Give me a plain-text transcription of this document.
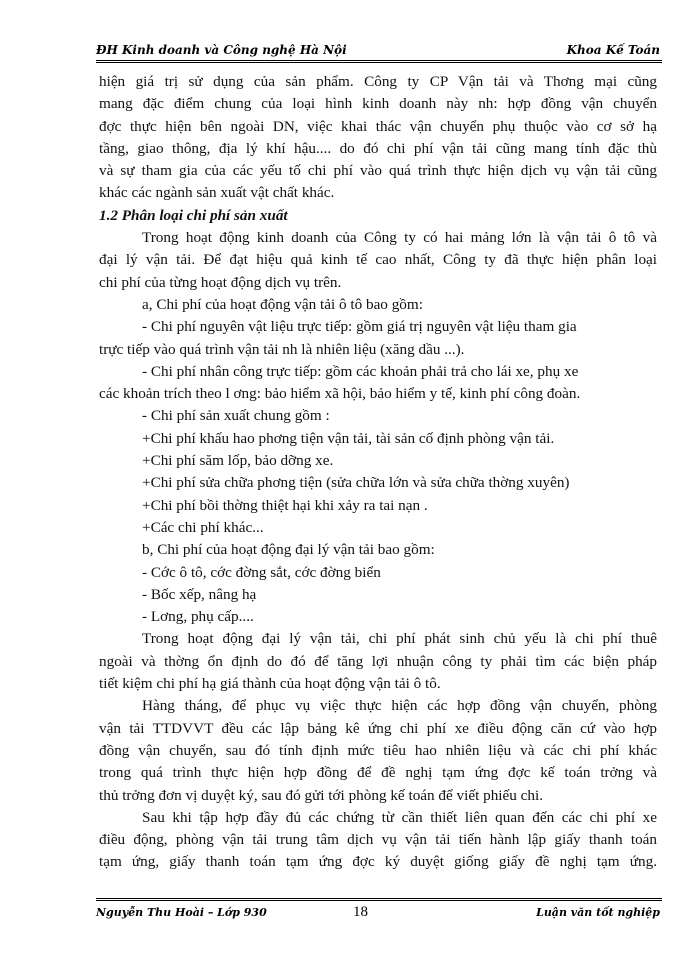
ĐH Kinh doanh và Công nghệ Hà Nội	Khoa Kế Toán
hiện giá trị sử dụng của sản phẩm. Công ty CP Vận tải và Thơng mại cũng
mang đặc điểm chung của loại hình kinh doanh này nh: hợp đồng vận chuyển
đợc thực hiện bên ngoài DN, việc khai thác vận chuyển phụ thuộc vào cơ sở hạ
tầng, giao thông, địa lý khí hậu.... do đó chi phí vận tải cũng mang tính đặc thù
và sự tham gia của các yếu tố chi phí vào quá trình thực hiện dịch vụ vận tải cũng
khác các ngành sản xuất vật chất khác.
1.2 Phân loại chi phí sản xuất
Trong hoạt động kinh doanh của Công ty có hai mảng lớn là vận tải ô tô và
đại lý vận tải. Để đạt hiệu quả kinh tế cao nhất, Công ty đã thực hiện phân loại
chi phí của từng hoạt động dịch vụ trên.
a, Chi phí của hoạt động vận tải ô tô bao gồm:
- Chi phí nguyên vật liệu trực tiếp: gồm giá trị nguyên vật liệu tham gia
trực tiếp vào quá trình vận tải nh là nhiên liệu (xăng dầu ...).
- Chi phí nhân công trực tiếp: gồm các khoản phải trả cho lái xe, phụ xe
các khoản trích theo l ơng: bảo hiểm xã hội, bảo hiểm y tế, kinh phí công đoàn.
- Chi phí sản xuất chung gồm :
+Chi phí khấu hao phơng tiện vận tải, tài sản cố định phòng vận tải.
+Chi phí săm lốp, bảo dỡng xe.
+Chi phí sửa chữa phơng tiện (sửa chữa lớn và sửa chữa thờng xuyên)
+Chi phí bồi thờng thiệt hại khi xảy ra tai nạn .
+Các chi phí khác...
b, Chi phí của hoạt động đại lý vận tải bao gồm:
- Cớc ô tô, cớc đờng sắt, cớc đờng biển
- Bốc xếp, nâng hạ
- Lơng, phụ cấp....
Trong hoạt động đại lý vận tải, chi phí phát sinh chủ yếu là chi phí thuê
ngoài và thờng ổn định do đó để tăng lợi nhuận công ty phải tìm các biện pháp
tiết kiệm chi phí hạ giá thành của hoạt động vận tải ô tô.
Hàng tháng, để phục vụ việc thực hiện các hợp đồng vận chuyển, phòng
vận tải TTDVVT đều các lập bảng kê ứng chi phí xe điều động căn cứ vào hợp
đồng vận chuyển, sau đó tính định mức tiêu hao nhiên liệu và các chi phí khác
trong quá trình thực hiện hợp đồng để đề nghị tạm ứng đợc kế toán trởng và
thủ trởng đơn vị duyệt ký, sau đó gửi tới phòng kế toán để viết phiếu chi.
Sau khi tập hợp đầy đủ các chứng từ cần thiết liên quan đến các chi phí xe
điều động, phòng vận tải trung tâm dịch vụ vận tải tiến hành lập giấy thanh toán
tạm ứng, giấy thanh toán tạm ứng đợc ký duyệt giống giấy đề nghị tạm ứng.
Nguyễn Thu Hoài – Lớp 930	18	Luận văn tốt nghiệp
